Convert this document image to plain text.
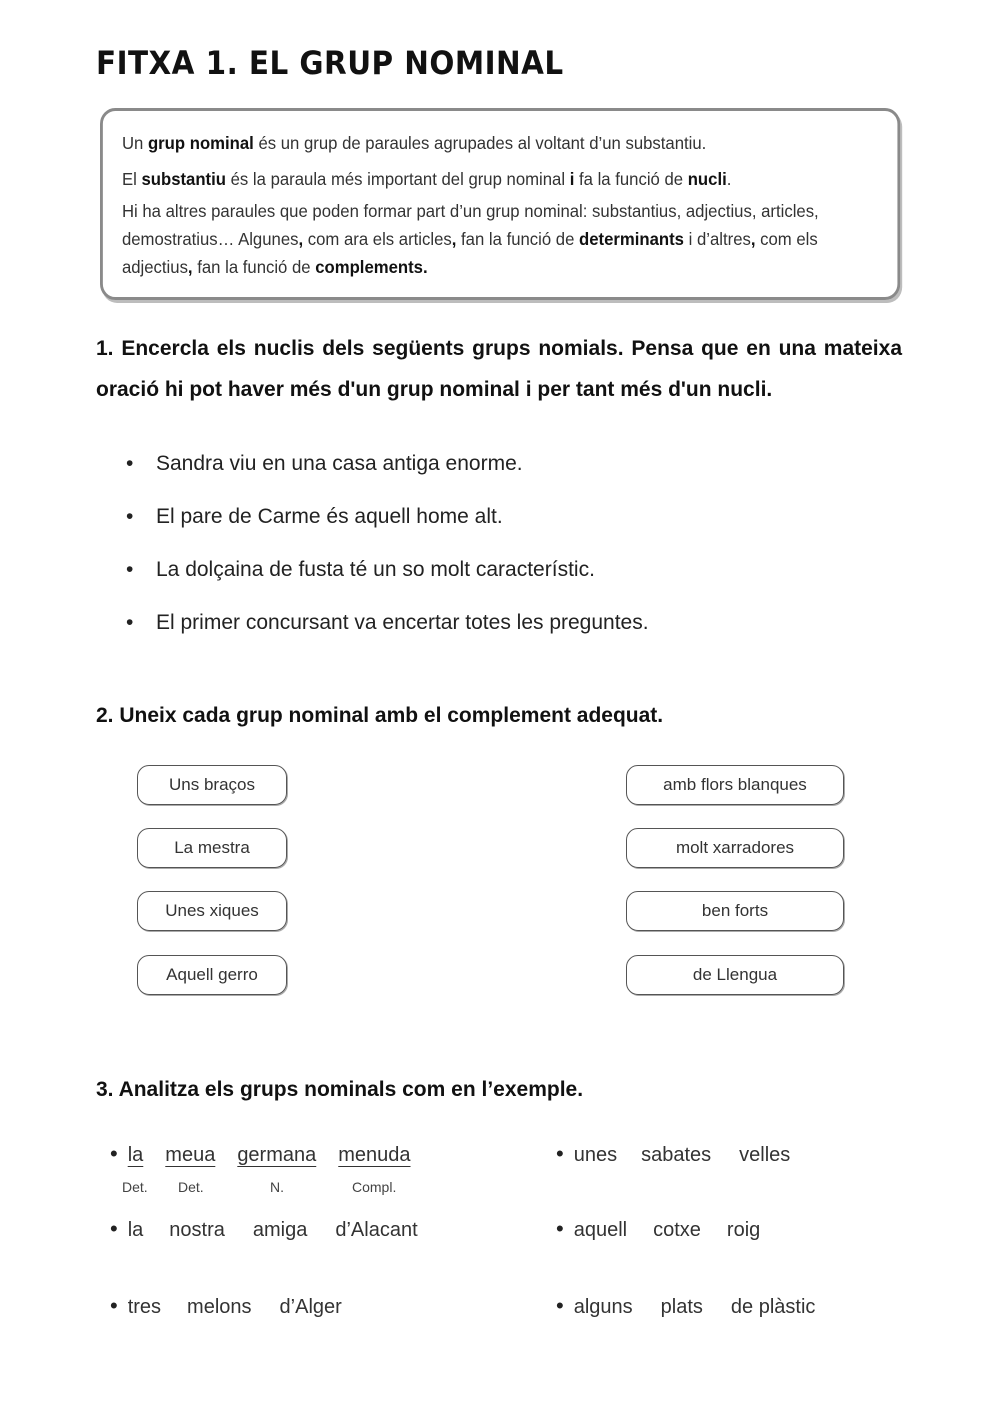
FITXA 1. EL GRUP NOMINAL

Un grup nominal és un grup de paraules agrupades al voltant d’un substantiu.

El substantiu és la paraula més important del grup nominal i fa la funció de nucli.

Hi ha altres paraules que poden formar part d’un grup nominal: substantius, adjectius, articles, demostratius… Algunes, com ara els articles, fan la funció de determinants i d’altres, com els adjectius, fan la funció de complements.

1. Encercla els nuclis dels següents grups nomials. Pensa que en una mateixa oració hi pot haver més d'un grup nominal i per tant més d'un nucli.
•	Sandra viu en una casa antiga enorme.
•	El pare de Carme és aquell home alt.
•	La dolçaina de fusta té un so molt característic.
•	El primer concursant va encertar totes les preguntes.
2. Uneix cada grup nominal amb el complement adequat.
Uns braços
La mestra
Unes xiques
Aquell gerro
amb flors blanques
molt xarradores
ben forts
de Llengua
3. Analitza els grups nominals com en l’exemple.
• la meua germana menuda
Det. Det.	N.	Compl.
• unes sabates velles
• la nostra amiga d’Alacant	• aquell cotxe roig
• tres melons d’Alger	• alguns plats de plàstic
